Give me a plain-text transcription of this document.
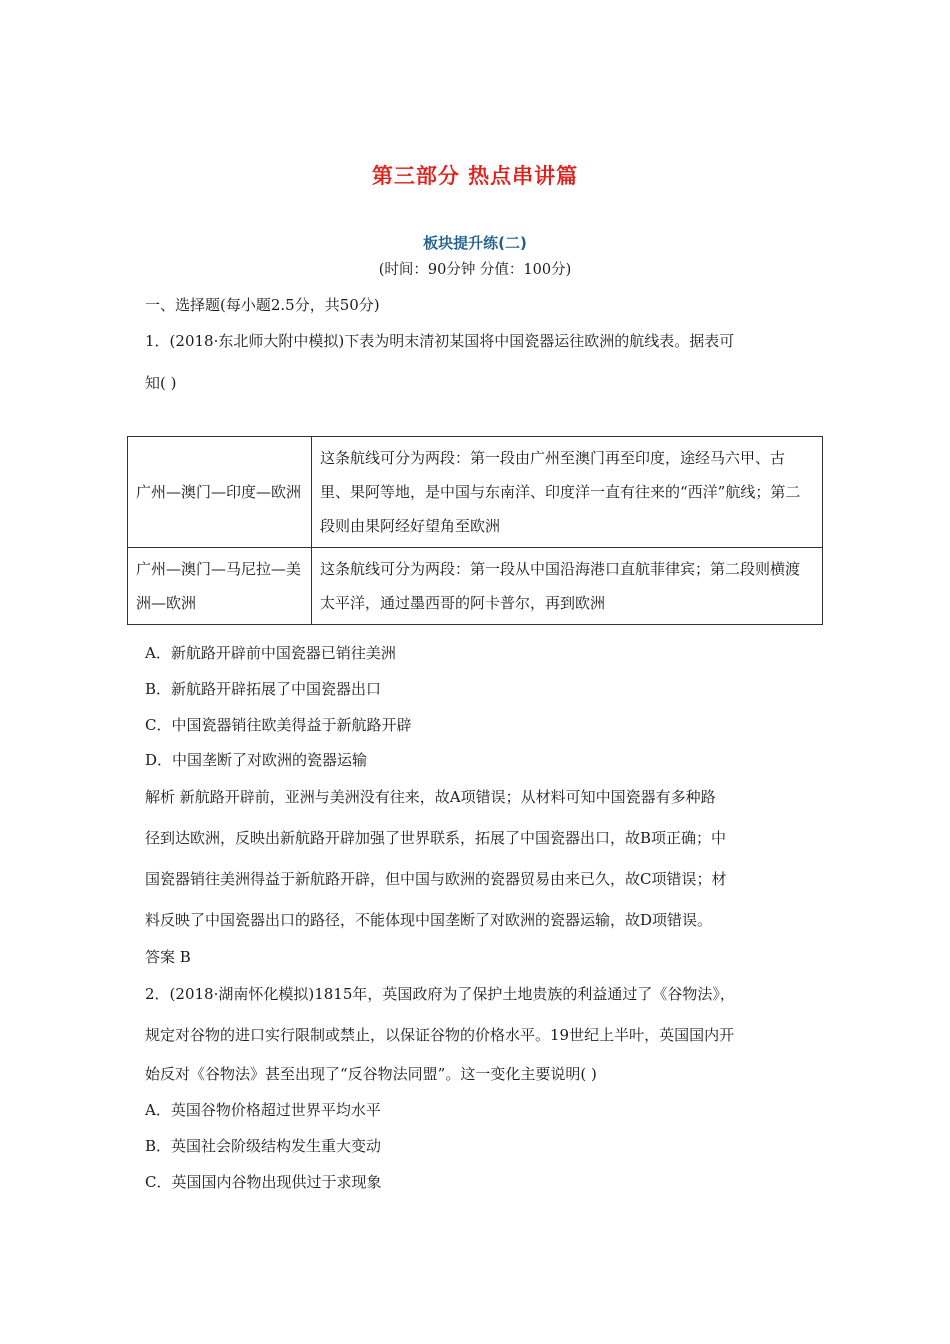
第三部分 热点串讲篇
板块提升练(二)
(时间：90分钟 分值：100分)
一、选择题(每小题2.5分，共50分)
1．(2018·东北师大附中模拟)下表为明末清初某国将中国瓷器运往欧洲的航线表。据表可
知( )
广州—澳门—印度—欧洲	这条航线可分为两段：第一段由广州至澳门再至印度，途经马六甲、古里、果阿等地，是中国与东南洋、印度洋一直有往来的“西洋”航线；第二段则由果阿经好望角至欧洲
广州—澳门—马尼拉—美洲—欧洲	这条航线可分为两段：第一段从中国沿海港口直航菲律宾；第二段则横渡太平洋，通过墨西哥的阿卡普尔，再到欧洲
A．新航路开辟前中国瓷器已销往美洲
B．新航路开辟拓展了中国瓷器出口
C．中国瓷器销往欧美得益于新航路开辟
D．中国垄断了对欧洲的瓷器运输
解析 新航路开辟前，亚洲与美洲没有往来，故A项错误；从材料可知中国瓷器有多种路
径到达欧洲，反映出新航路开辟加强了世界联系，拓展了中国瓷器出口，故B项正确；中
国瓷器销往美洲得益于新航路开辟，但中国与欧洲的瓷器贸易由来已久，故C项错误；材
料反映了中国瓷器出口的路径，不能体现中国垄断了对欧洲的瓷器运输，故D项错误。
答案 B
2．(2018·湖南怀化模拟)1815年，英国政府为了保护土地贵族的利益通过了《谷物法》，
规定对谷物的进口实行限制或禁止，以保证谷物的价格水平。19世纪上半叶，英国国内开
始反对《谷物法》甚至出现了“反谷物法同盟”。这一变化主要说明( )
A．英国谷物价格超过世界平均水平
B．英国社会阶级结构发生重大变动
C．英国国内谷物出现供过于求现象
